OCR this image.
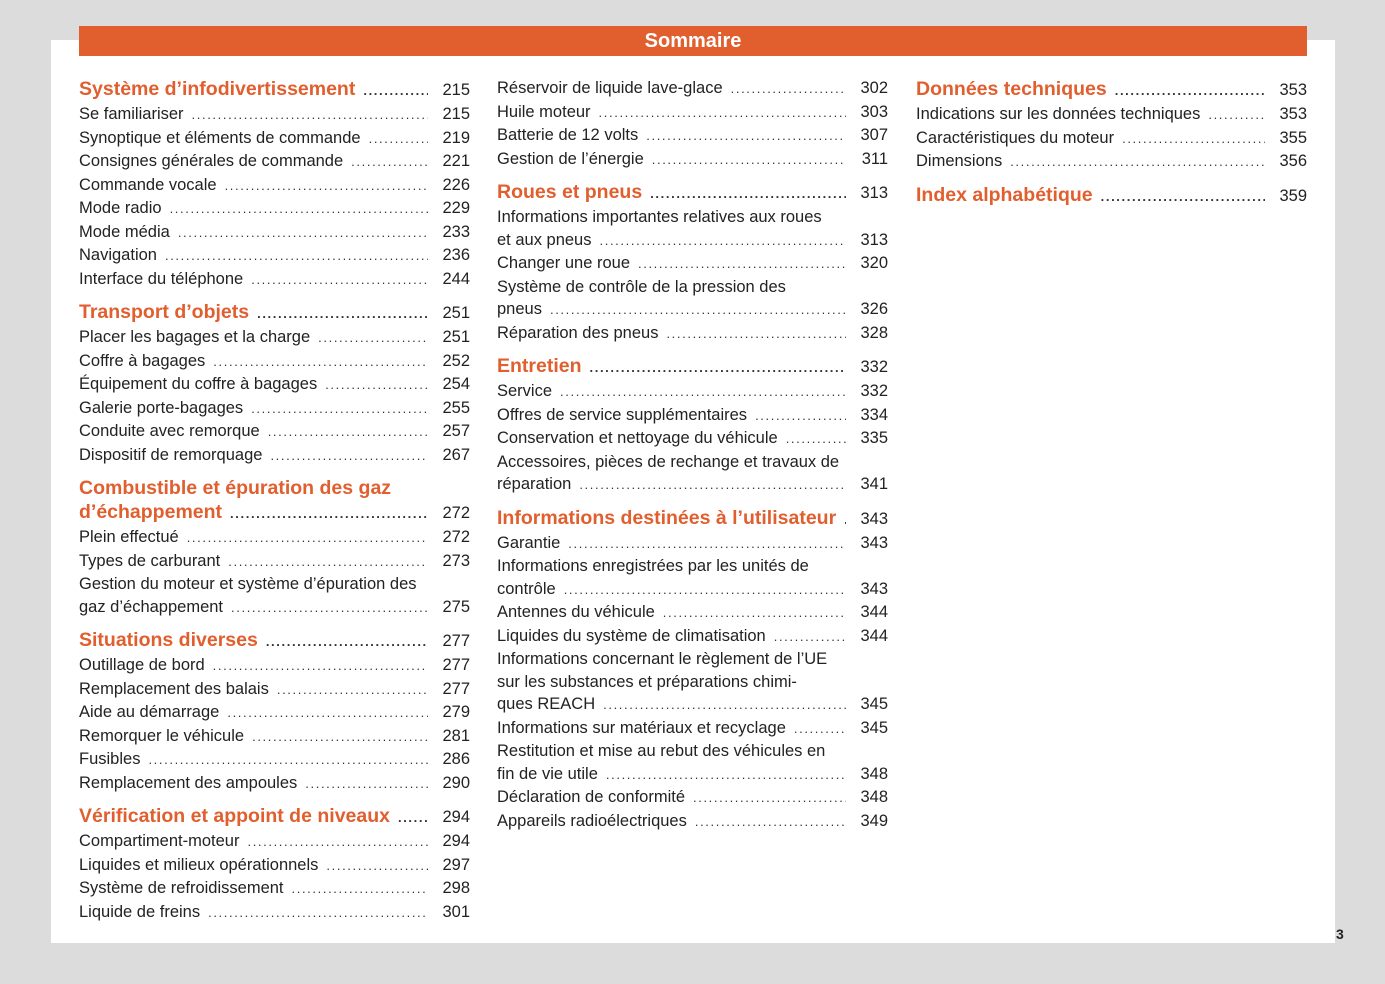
Sommaire
Système d’infodivertissement . . .	215
Se familiariser . . .	215
Synoptique et éléments de commande . . .	219
Consignes générales de commande . . .	221
Commande vocale . . .	226
Mode radio . . .	229
Mode média . . .	233
Navigation . . .	236
Interface du téléphone . . .	244
Transport d’objets . . .	251
Placer les bagages et la charge . . .	251
Coffre à bagages . . .	252
Équipement du coffre à bagages . . .	254
Galerie porte-bagages . . .	255
Conduite avec remorque . . .	257
Dispositif de remorquage . . .	267
Combustible et épuration des gaz
d’échappement . . .	272
Plein effectué . . .	272
Types de carburant . . .	273
Gestion du moteur et système d’épuration des
gaz d’échappement . . .	275
Situations diverses . . .	277
Outillage de bord . . .	277
Remplacement des balais . . .	277
Aide au démarrage . . .	279
Remorquer le véhicule . . .	281
Fusibles . . .	286
Remplacement des ampoules . . .	290
Vérification et appoint de niveaux . . .	294
Compartiment-moteur . . .	294
Liquides et milieux opérationnels . . .	297
Système de refroidissement . . .	298
Liquide de freins . . .	301
Réservoir de liquide lave-glace . . .	302
Huile moteur . . .	303
Batterie de 12 volts . . .	307
Gestion de l’énergie . . .	311
Roues et pneus . . .	313
Informations importantes relatives aux roues
et aux pneus . . .	313
Changer une roue . . .	320
Système de contrôle de la pression des
pneus . . .	326
Réparation des pneus . . .	328
Entretien . . .	332
Service . . .	332
Offres de service supplémentaires . . .	334
Conservation et nettoyage du véhicule . . .	335
Accessoires, pièces de rechange et travaux de
réparation . . .	341
Informations destinées à l’utilisateur . . . 343
Garantie . . .	343
Informations enregistrées par les unités de
contrôle . . .	343
Antennes du véhicule . . .	344
Liquides du système de climatisation . . .	344
Informations concernant le règlement de l’UE
sur les substances et préparations chimi-
ques REACH . . .	345
Informations sur matériaux et recyclage . . .	345
Restitution et mise au rebut des véhicules en
fin de vie utile . . .	348
Déclaration de conformité . . .	348
Appareils radioélectriques . . .	349
Données techniques . . .	353
Indications sur les données techniques . . .	353
Caractéristiques du moteur . . .	355
Dimensions . . .	356
Index alphabétique . . .	359
3
